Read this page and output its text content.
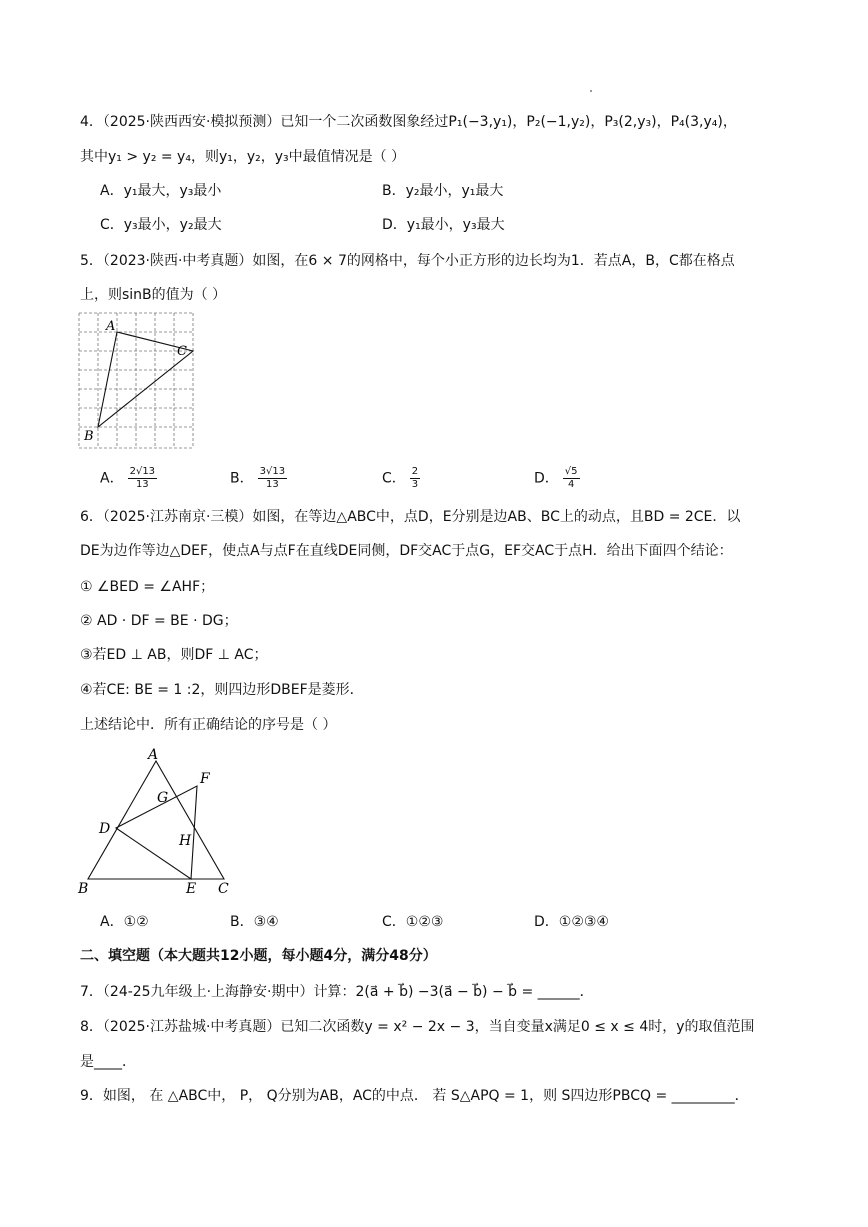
4．（2025·陕西西安·模拟预测）已知一个二次函数图象经过P₁(−3,y₁)，P₂(−1,y₂)，P₃(2,y₃)，P₄(3,y₄)，
其中y₁ > y₂ = y₄，则y₁，y₂，y₃中最值情况是（ ）
A．y₁最大，y₃最小	B．y₂最小，y₁最大
C．y₃最小，y₂最大	D．y₁最小，y₃最大
5．（2023·陕西·中考真题）如图，在6 × 7的网格中，每个小正方形的边长均为1．若点A，B，C都在格点
上，则sinB的值为（ ）
A
C
B
A． $\frac{2√13}{13}$	B． $\frac{3√13}{13}$	C． $\frac{2}{3}$	D． $\frac{√5}{4}$
6．（2025·江苏南京·三模）如图，在等边△ABC中，点D，E分别是边AB、BC上的动点，且BD = 2CE．以
DE为边作等边△DEF，使点A与点F在直线DE同侧，DF交AC于点G，EF交AC于点H．给出下面四个结论：
① ∠BED = ∠AHF；
② AD · DF = BE · DG；
③若ED ⊥ AB，则DF ⊥ AC；
④若CE: BE = 1 :2，则四边形DBEF是菱形．
上述结论中．所有正确结论的序号是（ ）
A
F
G
D
H
B	E C
A．①②	B．③④	C．①②③	D．①②③④
二、填空题（本大题共12小题，每小题4分，满分48分）
7．（24-25九年级上·上海静安·期中）计算：2(a⃗ + b⃗) −3(a⃗ − b⃗) − b⃗ = ______．
8．（2025·江苏盐城·中考真题）已知二次函数y = x² − 2x − 3，当自变量x满足0 ≤ x ≤ 4时，y的取值范围
是____．
9．如图， 在 △ABC中， P， Q分别为AB，AC的中点． 若 S△APQ = 1，则 S四边形PBCQ = _________．
